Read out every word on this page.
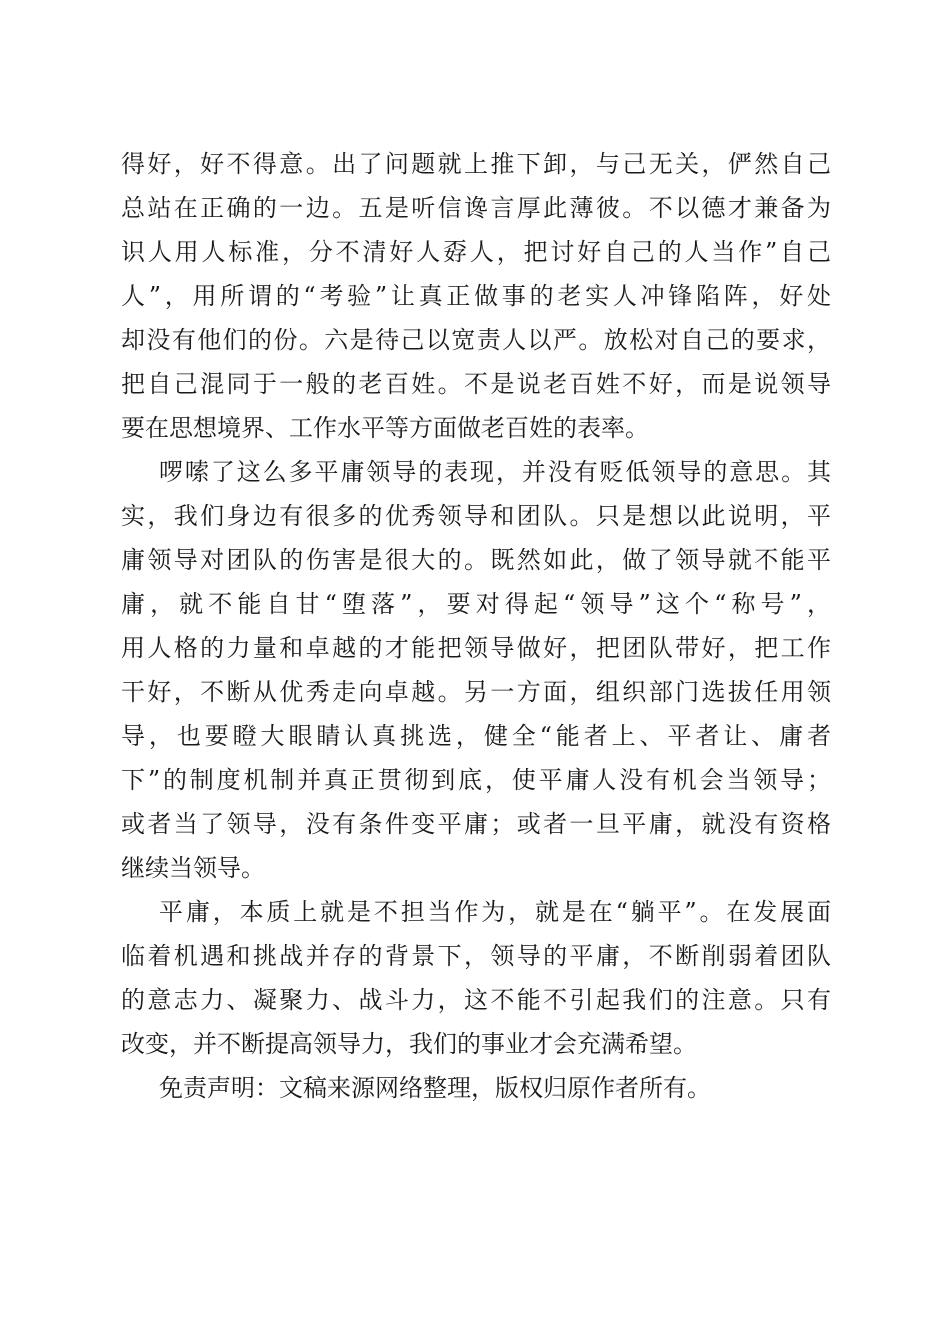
得好，好不得意。出了问题就上推下卸，与己无关，俨然自己
总站在正确的一边。五是听信谗言厚此薄彼。不以德才兼备为
识人用人标准，分不清好人孬人，把讨好自己的人当作”自己
人”，用所谓的“考验”让真正做事的老实人冲锋陷阵，好处
却没有他们的份。六是待己以宽责人以严。放松对自己的要求，
把自己混同于一般的老百姓。不是说老百姓不好，而是说领导
要在思想境界、工作水平等方面做老百姓的表率。
啰嗦了这么多平庸领导的表现，并没有贬低领导的意思。其
实，我们身边有很多的优秀领导和团队。只是想以此说明，平
庸领导对团队的伤害是很大的。既然如此，做了领导就不能平
庸，就不能自甘“堕落”，要对得起“领导”这个“称号”，
用人格的力量和卓越的才能把领导做好，把团队带好，把工作
干好，不断从优秀走向卓越。另一方面，组织部门选拔任用领
导，也要瞪大眼睛认真挑选，健全“能者上、平者让、庸者
下”的制度机制并真正贯彻到底，使平庸人没有机会当领导；
或者当了领导，没有条件变平庸；或者一旦平庸，就没有资格
继续当领导。
平庸，本质上就是不担当作为，就是在“躺平”。在发展面
临着机遇和挑战并存的背景下，领导的平庸，不断削弱着团队
的意志力、凝聚力、战斗力，这不能不引起我们的注意。只有
改变，并不断提高领导力，我们的事业才会充满希望。
免责声明：文稿来源网络整理，版权归原作者所有。
